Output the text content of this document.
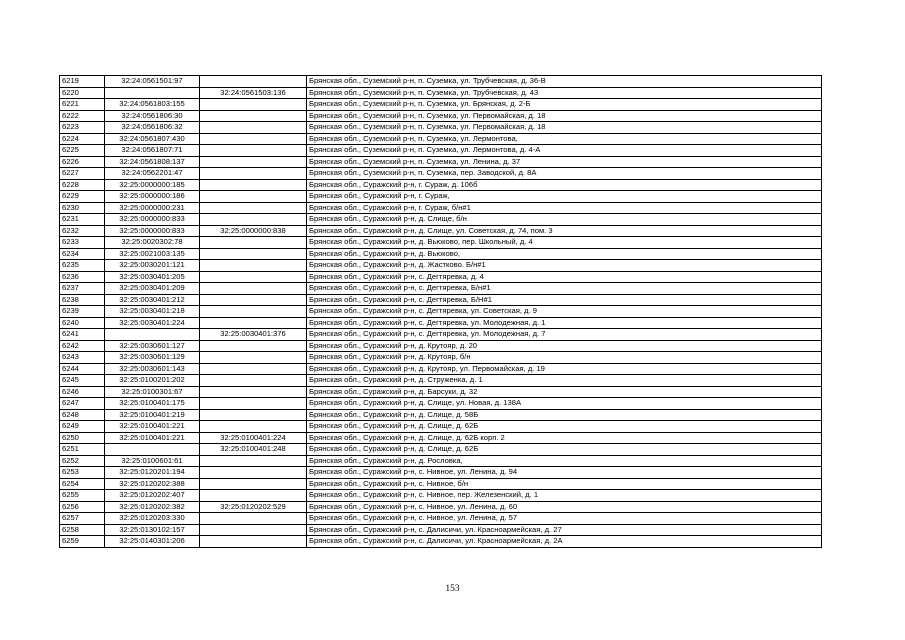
6219	32:24:0561501:97		Брянская обл., Суземский р-н, п. Суземка, ул. Трубчевская, д. 36-В
6220		32:24:0561503:136	Брянская обл., Суземский р-н, п. Суземка, ул. Трубчевская, д. 43
6221	32:24:0561803:155		Брянская обл., Суземский р-н, п. Суземка, ул. Брянская, д. 2-Б
6222	32:24:0561806:30		Брянская обл., Суземский р-н, п. Суземка, ул. Первомайская, д. 18
6223	32:24:0561806:32		Брянская обл., Суземский р-н, п. Суземка, ул. Первомайская, д. 18
6224	32:24:0561807:430		Брянская обл., Суземский р-н, п. Суземка, ул. Лермонтова,
6225	32:24:0561807:71		Брянская обл., Суземский р-н, п. Суземка, ул. Лермонтова, д. 4-А
6226	32:24:0561808:137		Брянская обл., Суземский р-н, п. Суземка, ул. Ленина, д. 37
6227	32:24:0562201:47		Брянская обл., Суземский р-н, п. Суземка, пер. Заводской, д. 8А
6228	32:25:0000000:185		Брянская обл., Суражский р-н, г. Сураж, д. 106б
6229	32:25:0000000:186		Брянская обл., Суражский р-н, г. Сураж,
6230	32:25:0000000:231		Брянская обл., Суражский р-н, г. Сураж, б/н#1
6231	32:25:0000000:833		Брянская обл., Суражский р-н, д. Слище, б/н
6232	32:25:0000000:833	32:25:0000000:838	Брянская обл., Суражский р-н, д. Слище, ул. Советская, д. 74, пом. 3
6233	32:25:0020302:78		Брянская обл., Суражский р-н, д. Вьюково, пер. Школьный, д. 4
6234	32:25:0021003:135		Брянская обл., Суражский р-н, д. Вьюково,
6235	32:25:0030201:121		Брянская обл., Суражский р-н, д. Жастково. Б/н#1
6236	32:25:0030401:205		Брянская обл., Суражский р-н, с. Дегтяревка, д. 4
6237	32:25:0030401:209		Брянская обл., Суражский р-н, с. Дегтяревка, Б/н#1
6238	32:25:0030401:212		Брянская обл., Суражский р-н, с. Дегтяревка, Б/Н#1
6239	32:25:0030401:218		Брянская обл., Суражский р-н, с. Дегтяревка, ул. Советская, д. 9
6240	32:25:0030401:224		Брянская обл., Суражский р-н, с. Дегтяревка, ул. Молодежная, д. 1
6241		32:25:0030401:376	Брянская обл., Суражский р-н, с. Дегтяревка, ул. Молодежная, д. 7
6242	32:25:0030601:127		Брянская обл., Суражский р-н, д. Крутояр, д. 20
6243	32:25:0030601:129		Брянская обл., Суражский р-н, д. Крутояр, б/н
6244	32:25:0030601:143		Брянская обл., Суражский р-н, д. Крутояр, ул. Первомайская, д. 19
6245	32:25:0100201:202		Брянская обл., Суражский р-н, д. Струженка, д. 1
6246	32:25:0100301:67		Брянская обл., Суражский р-н, д. Барсуки, д. 32
6247	32:25:0100401:175		Брянская обл., Суражский р-н, д. Слище, ул. Новая, д. 138А
6248	32:25:0100401:219		Брянская обл., Суражский р-н, д. Слище, д. 58Б
6249	32:25:0100401:221		Брянская обл., Суражский р-н, д. Слище, д. 62Б
6250	32:25:0100401:221	32:25:0100401:224	Брянская обл., Суражский р-н, д. Слище, д. 62Б корп. 2
6251		32:25:0100401:248	Брянская обл., Суражский р-н, д. Слище, д. 62Б
6252	32:25:0100601:61		Брянская обл., Суражский р-н, д. Рословка,
6253	32:25:0120201:194		Брянская обл., Суражский р-н, с. Нивное, ул. Ленина, д. 94
6254	32:25:0120202:388		Брянская обл., Суражский р-н, с. Нивное, б/н
6255	32:25:0120202:407		Брянская обл., Суражский р-н, с. Нивное, пер. Железенский, д. 1
6256	32:25:0120202:382	32:25:0120202:529	Брянская обл., Суражский р-н, с. Нивное, ул. Ленина, д. 60
6257	32:25:0120203:330		Брянская обл., Суражский р-н, с. Нивное, ул. Ленина, д. 57
6258	32:25:0130102:157		Брянская обл., Суражский р-н, с. Далисичи, ул. Красноармейская, д. 27
6259	32:25:0140301:206		Брянская обл., Суражский р-н, с. Далисичи, ул. Красноармейская, д. 2А
153
